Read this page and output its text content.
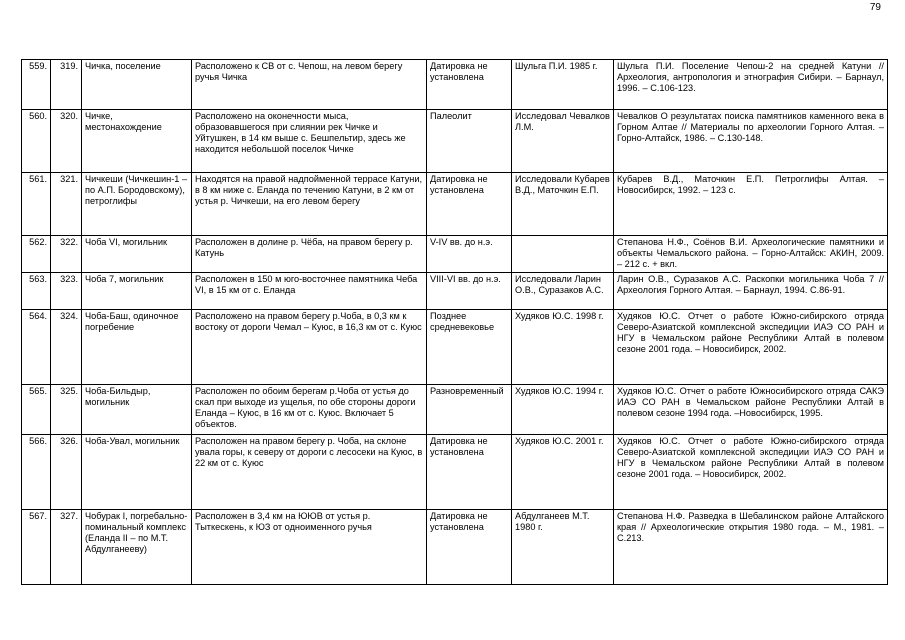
79
559.	319.	Чичка, поселение	Расположено к СВ от с. Чепош, на левом берегу ручья Чичка	Датировка не установлена	Шульга П.И. 1985 г.	Шульга П.И. Поселение Чепош-2 на средней Катуни // Археология, антропология и этнография Сибири. – Барнаул, 1996. – С.106-123.
560.	320.	Чичке, местонахождение	Расположено на оконечности мыса, образовавшегося при слиянии рек Чичке и Уйтушкен, в 14 км выше с. Бешпельтир, здесь же находится небольшой поселок Чичке	Палеолит	Исследовал Чевалков Л.М.	Чевалков О результатах поиска памятников каменного века в Горном Алтае // Материалы по археологии Горного Алтая. – Горно-Алтайск, 1986. – С.130-148.
561.	321.	Чичкеши (Чичкешин-1 – по А.П. Бородовскому), петроглифы	Находятся на правой надпойменной террасе Катуни, в 8 км ниже с. Еланда по течению Катуни, в 2 км от устья р. Чичкеши, на его левом берегу	Датировка не установлена	Исследовали Кубарев В.Д., Маточкин Е.П.	Кубарев В.Д., Маточкин Е.П. Петроглифы Алтая. –Новосибирск, 1992. – 123 с.
562.	322.	Чоба VI, могильник	Расположен в долине р. Чёба, на правом берегу р. Катунь	V-IV вв. до н.э.		Степанова Н.Ф., Соёнов В.И. Археологические памятники и объекты Чемальского района. – Горно-Алтайск: АКИН, 2009. – 212 с. + вкл.
563.	323.	Чоба 7, могильник	Расположен в 150 м юго-восточнее памятника Чеба VI, в 15 км от с. Еланда	VIII-VI вв. до н.э.	Исследовали Ларин О.В., Суразаков А.С.	Ларин О.В., Суразаков А.С. Раскопки могильника Чоба 7 // Археология Горного Алтая. – Барнаул, 1994. С.86-91.
564.	324.	Чоба-Баш, одиночное погребение	Расположено на правом берегу р.Чоба, в 0,3 км к востоку от дороги Чемал – Куюс, в 16,3 км от с. Куюс	Позднее средневековье	Худяков Ю.С. 1998 г.	Худяков Ю.С. Отчет о работе Южно-сибирского отряда Северо-Азиатской комплексной экспедиции ИАЭ СО РАН и НГУ в Чемальском районе Республики Алтай в полевом сезоне 2001 года. – Новосибирск, 2002.
565.	325.	Чоба-Бильдыр, могильник	Расположен по обоим берегам р.Чоба от устья до скал при выходе из ущелья, по обе стороны дороги Еланда – Куюс, в 16 км от с. Куюс. Включает 5 объектов.	Разновременный	Худяков Ю.С. 1994 г.	Худяков Ю.С. Отчет о работе Южносибирского отряда САКЭ ИАЭ СО РАН в Чемальском районе Республики Алтай в полевом сезоне 1994 года. –Новосибирск, 1995.
566.	326.	Чоба-Увал, могильник	Расположен на правом берегу р. Чоба, на склоне увала горы, к северу от дороги с лесосеки на Куюс, в 22 км от с. Куюс	Датировка не установлена	Худяков Ю.С. 2001 г.	Худяков Ю.С. Отчет о работе Южно-сибирского отряда Северо-Азиатской комплексной экспедиции ИАЭ СО РАН и НГУ в Чемальском районе Республики Алтай в полевом сезоне 2001 года. – Новосибирск, 2002.
567.	327.	Чобурак I, погребально-поминальный комплекс (Еланда II – по М.Т. Абдулганееву)	Расположен в 3,4 км на ЮЮВ от устья р. Тыткескень, к ЮЗ от одноименного ручья	Датировка не установлена	Абдулганеев М.Т. 1980 г.	Степанова Н.Ф. Разведка в Шебалинском районе Алтайского края // Археологические открытия 1980 года. – М., 1981. – С.213.
